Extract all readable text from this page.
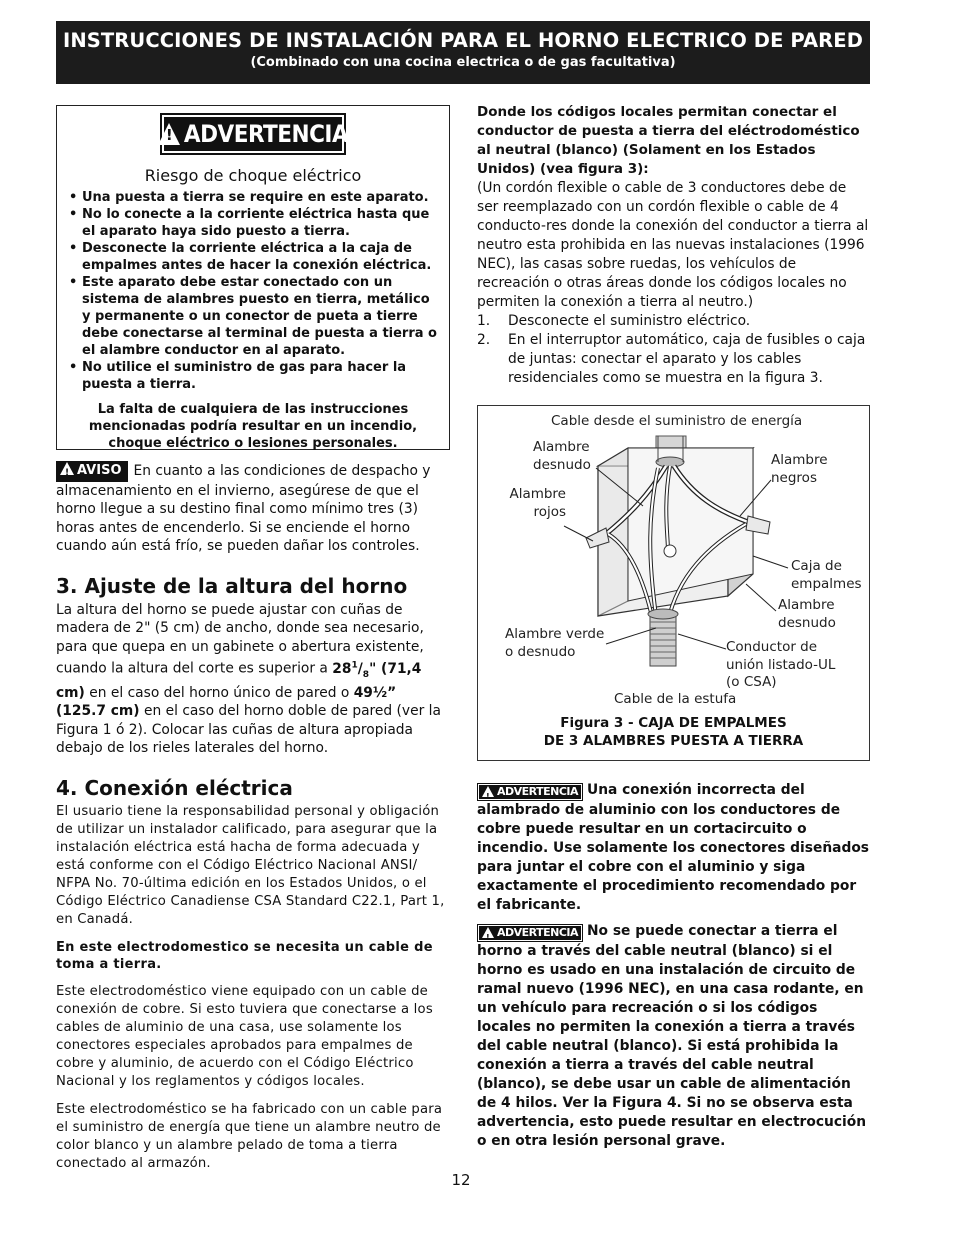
INSTRUCCIONES DE INSTALACIÓN PARA EL HORNO ELECTRICO DE PARED
(Combinado con una cocina electrica o de gas facultativa)
!
ADVERTENCIA
Riesgo de choque eléctrico
• Una puesta a tierra se require en este aparato.
• No lo conecte a la corriente eléctrica hasta que el aparato haya sido puesto a tierra.
• Desconecte la corriente eléctrica a la caja de empalmes antes de hacer la conexión eléctrica.
• Este aparato debe estar conectado con un sistema de alambres puesto en tierra, metálico y permanente o un conector de pueta a tierre debe conectarse al terminal de puesta a tierra o el alambre conductor en al aparato.
• No utilice el suministro de gas para hacer la puesta a tierra.
La falta de cualquiera de las instrucciones mencionadas podría resultar en un incendio, choque eléctrico o lesiones personales.
!AVISO En cuanto a las condiciones de despacho y almacenamiento en el invierno, asegúrese de que el horno llegue a su destino final como mínimo tres (3) horas antes de encenderlo. Si se enciende el horno cuando aún está frío, se pueden dañar los controles.
3. Ajuste de la altura del horno

La altura del horno se puede ajustar con cuñas de madera de 2" (5 cm) de ancho, donde sea necesario, para que quepa en un gabinete o abertura existente, cuando la altura del corte es superior a $28^1/_8$" (71,4 cm) en el caso del horno único de pared o 49½” (125.7 cm) en el caso del horno doble de pared (ver la Figura 1 ó 2). Colocar las cuñas de altura apropiada debajo de los rieles laterales del horno.

4. Conexión eléctrica

El usuario tiene la responsabilidad personal y obligación de utilizar un instalador calificado, para asegurar que la instalación eléctrica está hacha de forma adecuada y está conforme con el Código Eléctrico Nacional ANSI/ NFPA No. 70-última edición en los Estados Unidos, o el Código Eléctrico Canadiense CSA Standard C22.1, Part 1, en Canadá.

En este electrodomestico se necesita un cable de toma a tierra.

Este electrodoméstico viene equipado con un cable de conexión de cobre. Si esto tuviera que conectarse a los cables de aluminio de una casa, use solamente los conectores especiales aprobados para empalmes de cobre y aluminio, de acuerdo con el Código Eléctrico Nacional y los reglamentos y códigos locales.

Este electrodoméstico se ha fabricado con un cable para el suministro de energía que tiene un alambre neutro de color blanco y un alambre pelado de toma a tierra conectado al armazón.

Donde los códigos locales permitan conectar el conductor de puesta a tierra del eléctrodoméstico al neutral (blanco) (Solament en los Estados Unidos) (vea figura 3):
(Un cordón flexible o cable de 3 conductores debe de ser reemplazado con un cordón flexible o cable de 4 conducto-res donde la conexión del conductor a tierra al neutro esta prohibida en las nuevas instalaciones (1996 NEC), las casas sobre ruedas, los vehículos de recreación o otras áreas donde los códigos locales no permiten la conexión a tierra al neutro.)
1. Desconecte el suministro eléctrico.
2. En el interruptor automático, caja de fusibles o caja de juntas: conectar el aparato y los cables residenciales como se muestra en la figura 3.
Cable desde el suministro de energía
Alambre desnudo
Alambre rojos
Alambre negros
Caja de empalmes
Alambre desnudo
Alambre verde o desnudo	Conductor de unión listado-UL (o CSA)
Cable de la estufa
Figura 3 - CAJA DE EMPALMES
DE 3 ALAMBRES PUESTA A TIERRA
!
ADVERTENCIA Una conexión incorrecta del alambrado de aluminio con los conductores de cobre puede resultar en un cortacircuito o incendio. Use solamente los conectores diseñados para juntar el cobre con el aluminio y siga exactamente el procedimiento recomendado por el fabricante.
!
ADVERTENCIA No se puede conectar a tierra el horno a través del cable neutral (blanco) si el horno es usado en una instalación de circuito de ramal nuevo (1996 NEC), en una casa rodante, en un vehículo para recreación o si los códigos locales no permiten la conexión a tierra a través del cable neutral (blanco). Si está prohibida la conexión a tierra a través del cable neutral (blanco), se debe usar un cable de alimentación de 4 hilos. Ver la Figura 4. Si no se observa esta advertencia, esto puede resultar en electrocución o en otra lesión personal grave.
12
